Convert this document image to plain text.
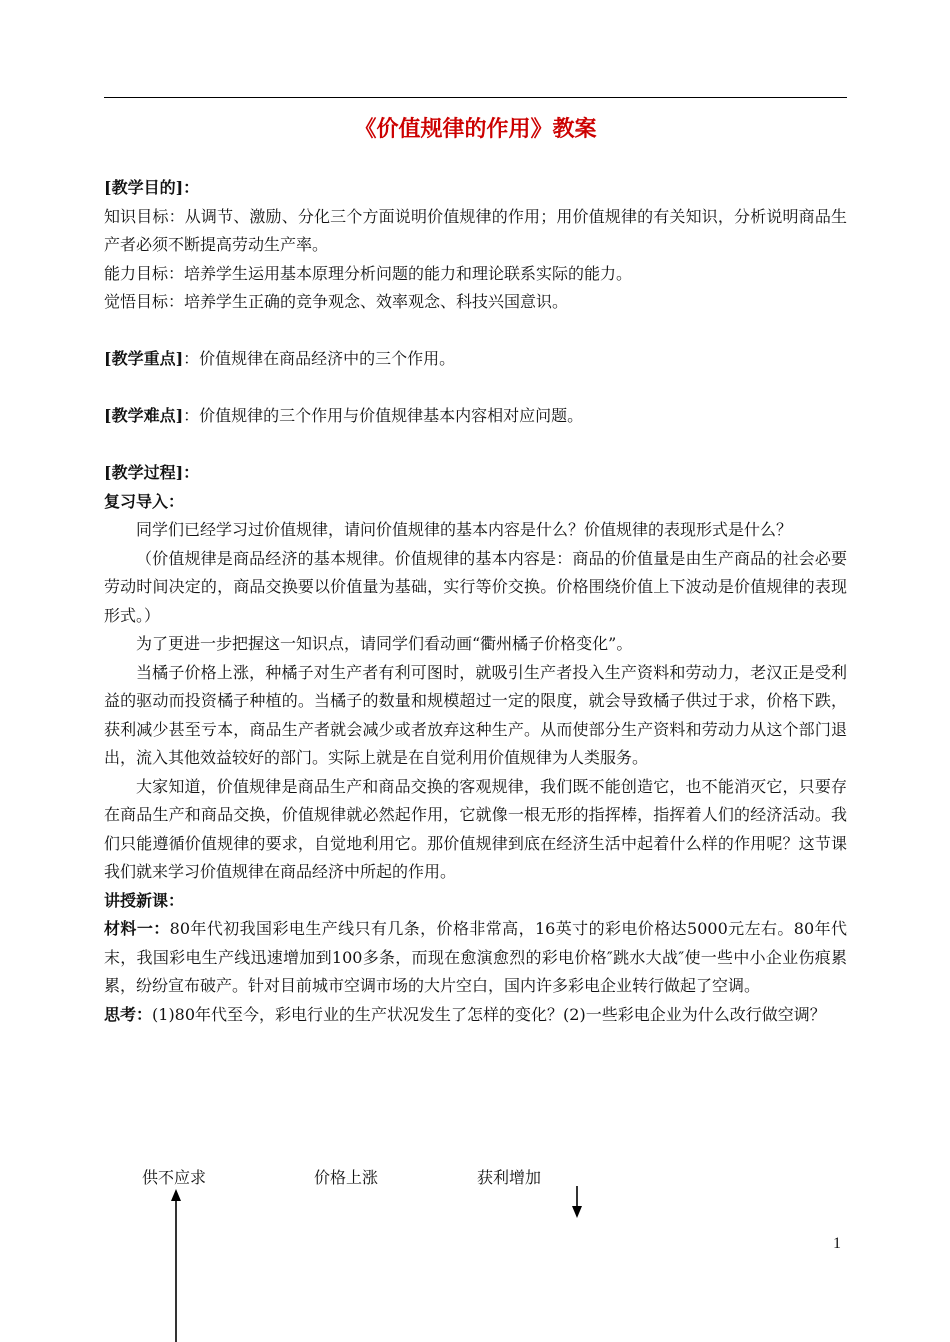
《价值规律的作用》教案

[教学目的]：

知识目标：从调节、激励、分化三个方面说明价值规律的作用；用价值规律的有关知识，分析说明商品生产者必须不断提高劳动生产率。

能力目标：培养学生运用基本原理分析问题的能力和理论联系实际的能力。

觉悟目标：培养学生正确的竞争观念、效率观念、科技兴国意识。

[教学重点]：价值规律在商品经济中的三个作用。

[教学难点]：价值规律的三个作用与价值规律基本内容相对应问题。

[教学过程]：

复习导入：

同学们已经学习过价值规律，请问价值规律的基本内容是什么？价值规律的表现形式是什么？

（价值规律是商品经济的基本规律。价值规律的基本内容是：商品的价值量是由生产商品的社会必要劳动时间决定的，商品交换要以价值量为基础，实行等价交换。价格围绕价值上下波动是价值规律的表现形式。）

为了更进一步把握这一知识点，请同学们看动画“衢州橘子价格变化”。

当橘子价格上涨，种橘子对生产者有利可图时，就吸引生产者投入生产资料和劳动力，老汉正是受利益的驱动而投资橘子种植的。当橘子的数量和规模超过一定的限度，就会导致橘子供过于求，价格下跌，获利减少甚至亏本，商品生产者就会减少或者放弃这种生产。从而使部分生产资料和劳动力从这个部门退出，流入其他效益较好的部门。实际上就是在自觉利用价值规律为人类服务。

大家知道，价值规律是商品生产和商品交换的客观规律，我们既不能创造它，也不能消灭它，只要存在商品生产和商品交换，价值规律就必然起作用，它就像一根无形的指挥棒，指挥着人们的经济活动。我们只能遵循价值规律的要求，自觉地利用它。那价值规律到底在经济生活中起着什么样的作用呢？这节课我们就来学习价值规律在商品经济中所起的作用。

讲授新课：

材料一：80年代初我国彩电生产线只有几条，价格非常高，16英寸的彩电价格达5000元左右。80年代末，我国彩电生产线迅速增加到100多条，而现在愈演愈烈的彩电价格″跳水大战″使一些中小企业伤痕累累，纷纷宣布破产。针对目前城市空调市场的大片空白，国内许多彩电企业转行做起了空调。

思考：(1)80年代至今，彩电行业的生产状况发生了怎样的变化？(2)一些彩电企业为什么改行做空调？

供不应求	价格上涨	获利增加
1
